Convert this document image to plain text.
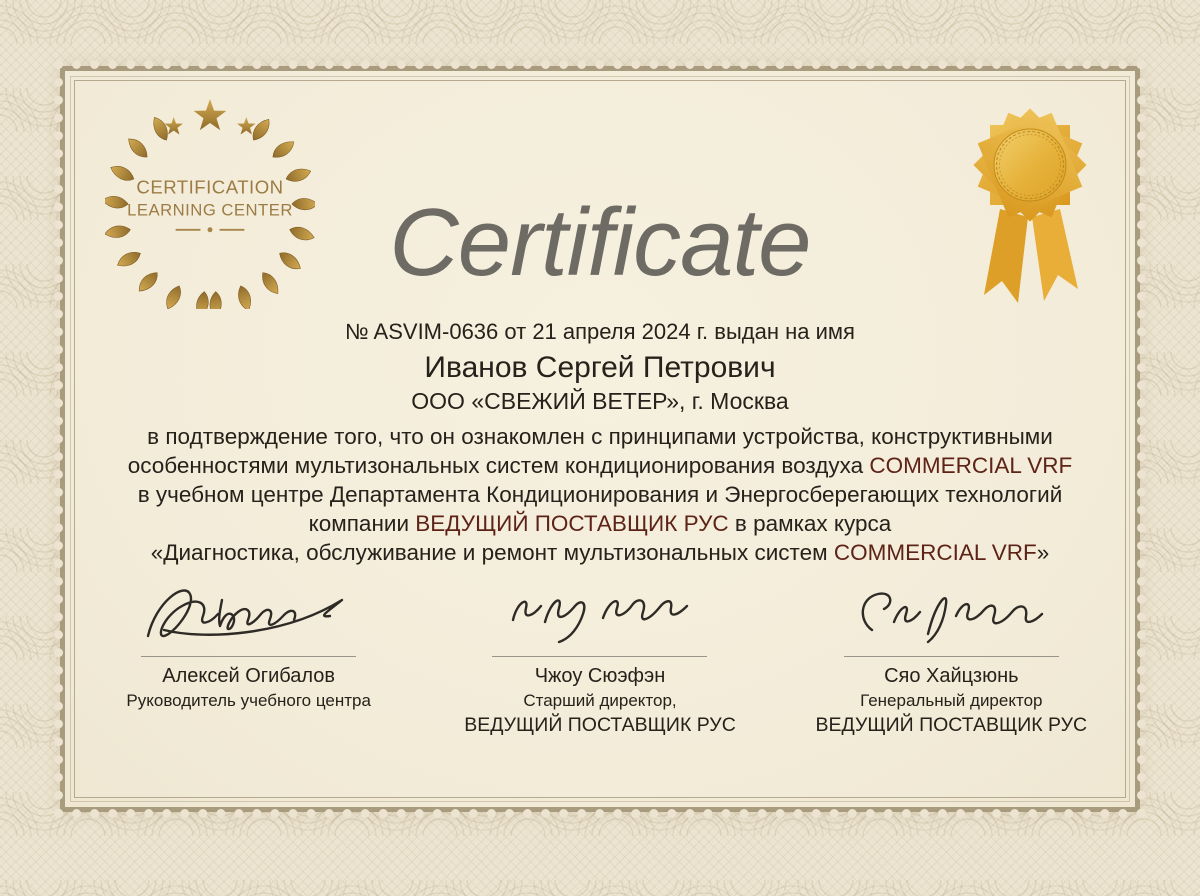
CERTIFICATION
LEARNING CENTER	Certificate
№ ASVIM-0636 от 21 апреля 2024 г. выдан на имя
Иванов Сергей Петрович
ООО «СВЕЖИЙ ВЕТЕР», г. Москва
в подтверждение того, что он ознакомлен с принципами устройства, конструктивными
особенностями мультизональных систем кондиционирования воздуха COMMERCIAL VRF
в учебном центре Департамента Кондиционирования и Энергосберегающих технологий
компании ВЕДУЩИЙ ПОСТАВЩИК РУС в рамках курса
«Диагностика, обслуживание и ремонт мультизональных систем COMMERCIAL VRF»
Алексей Огибалов
Руководитель учебного центра
Чжоу Сюэфэн
Старший директор,
ВЕДУЩИЙ ПОСТАВЩИК РУС
Сяо Хайцзюнь
Генеральный директор
ВЕДУЩИЙ ПОСТАВЩИК РУС
